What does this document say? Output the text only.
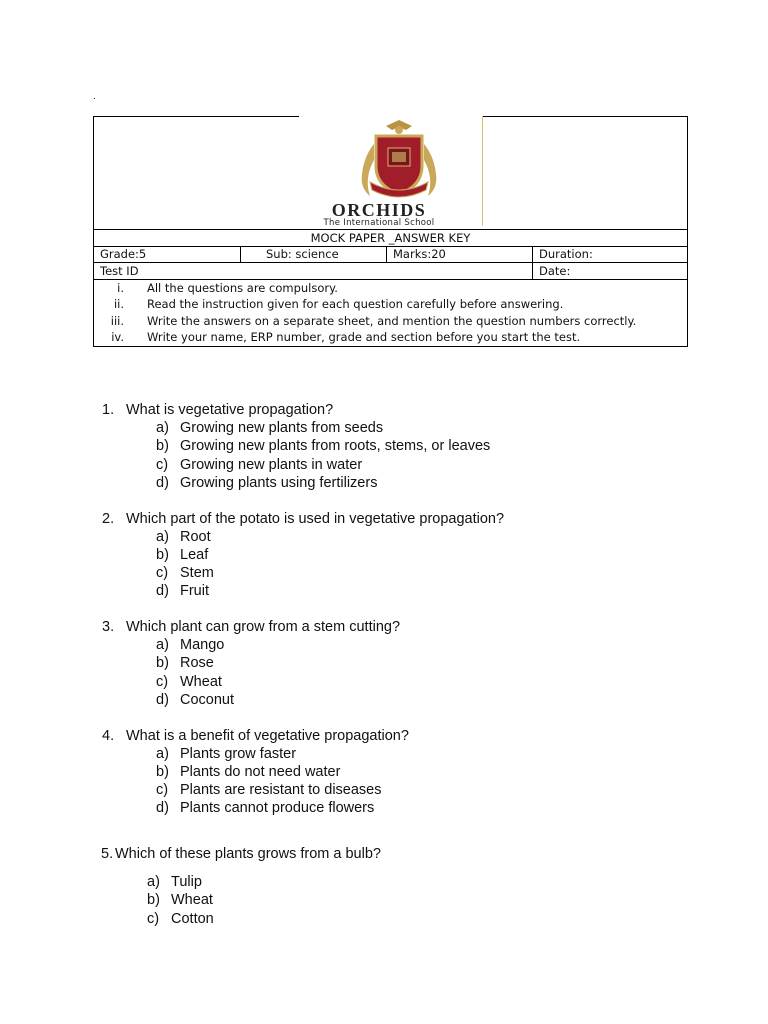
.
ORCHIDS
The International School
MOCK PAPER _ANSWER KEY
Grade:5	Sub: science	Marks:20	Duration:
Test ID	Date:
i. All the questions are compulsory.
ii. Read the instruction given for each question carefully before answering.
iii. Write the answers on a separate sheet, and mention the question numbers correctly.
iv. Write your name, ERP number, grade and section before you start the test.
1. What is vegetative propagation?
a) Growing new plants from seeds
b) Growing new plants from roots, stems, or leaves
c) Growing new plants in water
d) Growing plants using fertilizers
2. Which part of the potato is used in vegetative propagation?
a) Root
b) Leaf
c) Stem
d) Fruit
3. Which plant can grow from a stem cutting?
a) Mango
b) Rose
c) Wheat
d) Coconut
4. What is a benefit of vegetative propagation?
a) Plants grow faster
b) Plants do not need water
c) Plants are resistant to diseases
d) Plants cannot produce flowers
5. Which of these plants grows from a bulb?
a) Tulip
b) Wheat
c) Cotton
